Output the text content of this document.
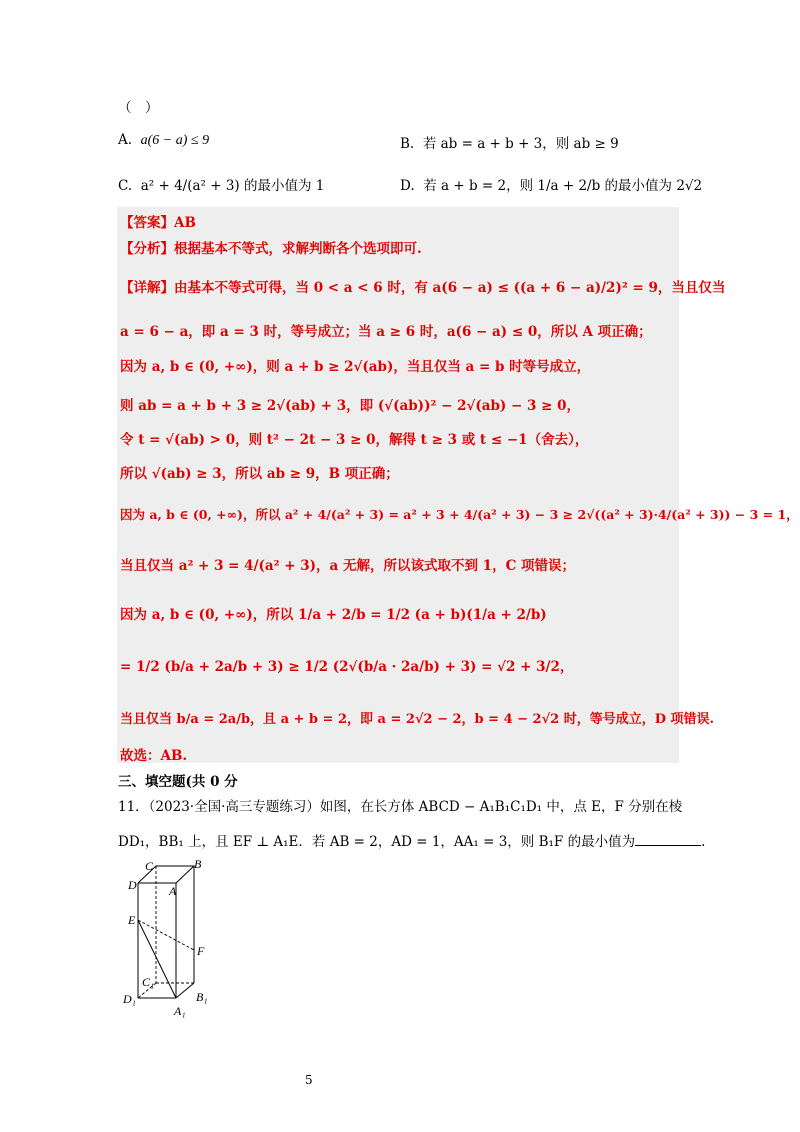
（　）
A. a(6 − a) ≤ 9	B. 若 ab = a + b + 3，则 ab ≥ 9
C. a² + 4/(a² + 3) 的最小值为 1	D. 若 a + b = 2，则 1/a + 2/b 的最小值为 2√2
【答案】AB
【分析】根据基本不等式，求解判断各个选项即可.
【详解】由基本不等式可得，当 0 < a < 6 时，有 a(6 − a) ≤ ((a + 6 − a)/2)² = 9，当且仅当
a = 6 − a，即 a = 3 时，等号成立；当 a ≥ 6 时，a(6 − a) ≤ 0，所以 A 项正确；
因为 a, b ∈ (0, +∞)，则 a + b ≥ 2√(ab)，当且仅当 a = b 时等号成立，
则 ab = a + b + 3 ≥ 2√(ab) + 3，即 (√(ab))² − 2√(ab) − 3 ≥ 0，
令 t = √(ab) > 0，则 t² − 2t − 3 ≥ 0，解得 t ≥ 3 或 t ≤ −1（舍去），
所以 √(ab) ≥ 3，所以 ab ≥ 9，B 项正确；
因为 a, b ∈ (0, +∞)，所以 a² + 4/(a² + 3) = a² + 3 + 4/(a² + 3) − 3 ≥ 2√((a² + 3)·4/(a² + 3)) − 3 = 1，
当且仅当 a² + 3 = 4/(a² + 3)，a 无解，所以该式取不到 1，C 项错误；
因为 a, b ∈ (0, +∞)，所以 1/a + 2/b = 1/2 (a + b)(1/a + 2/b)
= 1/2 (b/a + 2a/b + 3) ≥ 1/2 (2√(b/a · 2a/b) + 3) = √2 + 3/2，
当且仅当 b/a = 2a/b，且 a + b = 2，即 a = 2√2 − 2，b = 4 − 2√2 时，等号成立，D 项错误.
故选：AB.
三、填空题(共 0 分
11．（2023·全国·高三专题练习）如图，在长方体 ABCD − A₁B₁C₁D₁ 中，点 E，F 分别在棱
DD₁，BB₁ 上，且 EF ⊥ A₁E．若 AB = 2，AD = 1，AA₁ = 3，则 B₁F 的最小值为	.
C	B
D	A
E
F
C₁
D₁	B₁
A₁
5
